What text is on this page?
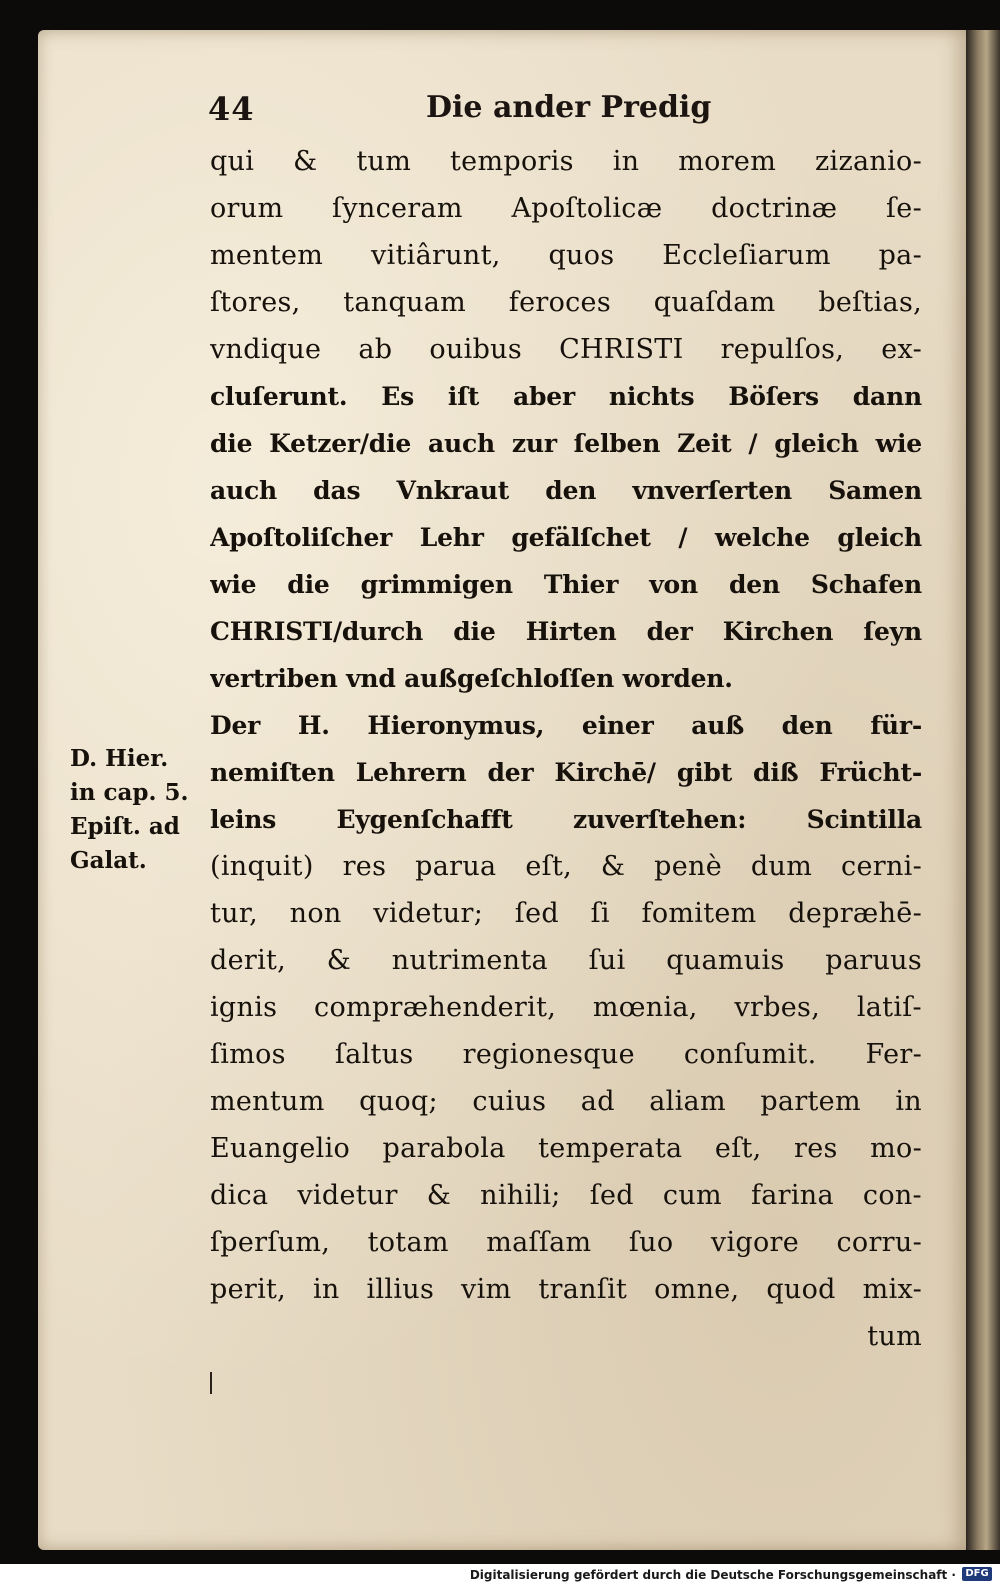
44	Die ander Predig
qui & tum temporis in morem zizanio-
orum ſynceram Apoſtolicæ doctrinæ ſe-
mentem vitiârunt, quos Eccleſiarum pa-
ſtores, tanquam feroces quaſdam beſtias,
vndique ab ouibus CHRISTI repulſos, ex-
cluſerunt. Es iſt aber nichts Böſers dann
die Ketzer/die auch zur ſelben Zeit / gleich wie
auch das Vnkraut den vnverſerten Samen
Apoſtoliſcher Lehr gefälſchet / welche gleich
wie die grimmigen Thier von den Schafen
CHRISTI/durch die Hirten der Kirchen ſeyn
vertriben vnd außgeſchloſſen worden.
Der H. Hieronymus, einer auß den für-
nemiſten Lehrern der Kirchē/ gibt diß Frücht-
leins Eygenſchafft zuverſtehen: Scintilla
(inquit) res parua eſt, & penè dum cerni-
tur, non videtur; ſed ſi fomitem depræhē-
derit, & nutrimenta ſui quamuis paruus
ignis compræhenderit, mœnia, vrbes, latiſ-
ſimos ſaltus regionesque conſumit. Fer-
mentum quoq; cuius ad aliam partem in
Euangelio parabola temperata eſt, res mo-
dica videtur & nihili; ſed cum farina con-
ſperſum, totam maſſam ſuo vigore corru-
perit, in illius vim tranſit omne, quod mix-
tum
D. Hier.
in cap. 5.
Epiſt. ad
Galat.
Digitalisierung gefördert durch die Deutsche Forschungsgemeinschaft · DFG
